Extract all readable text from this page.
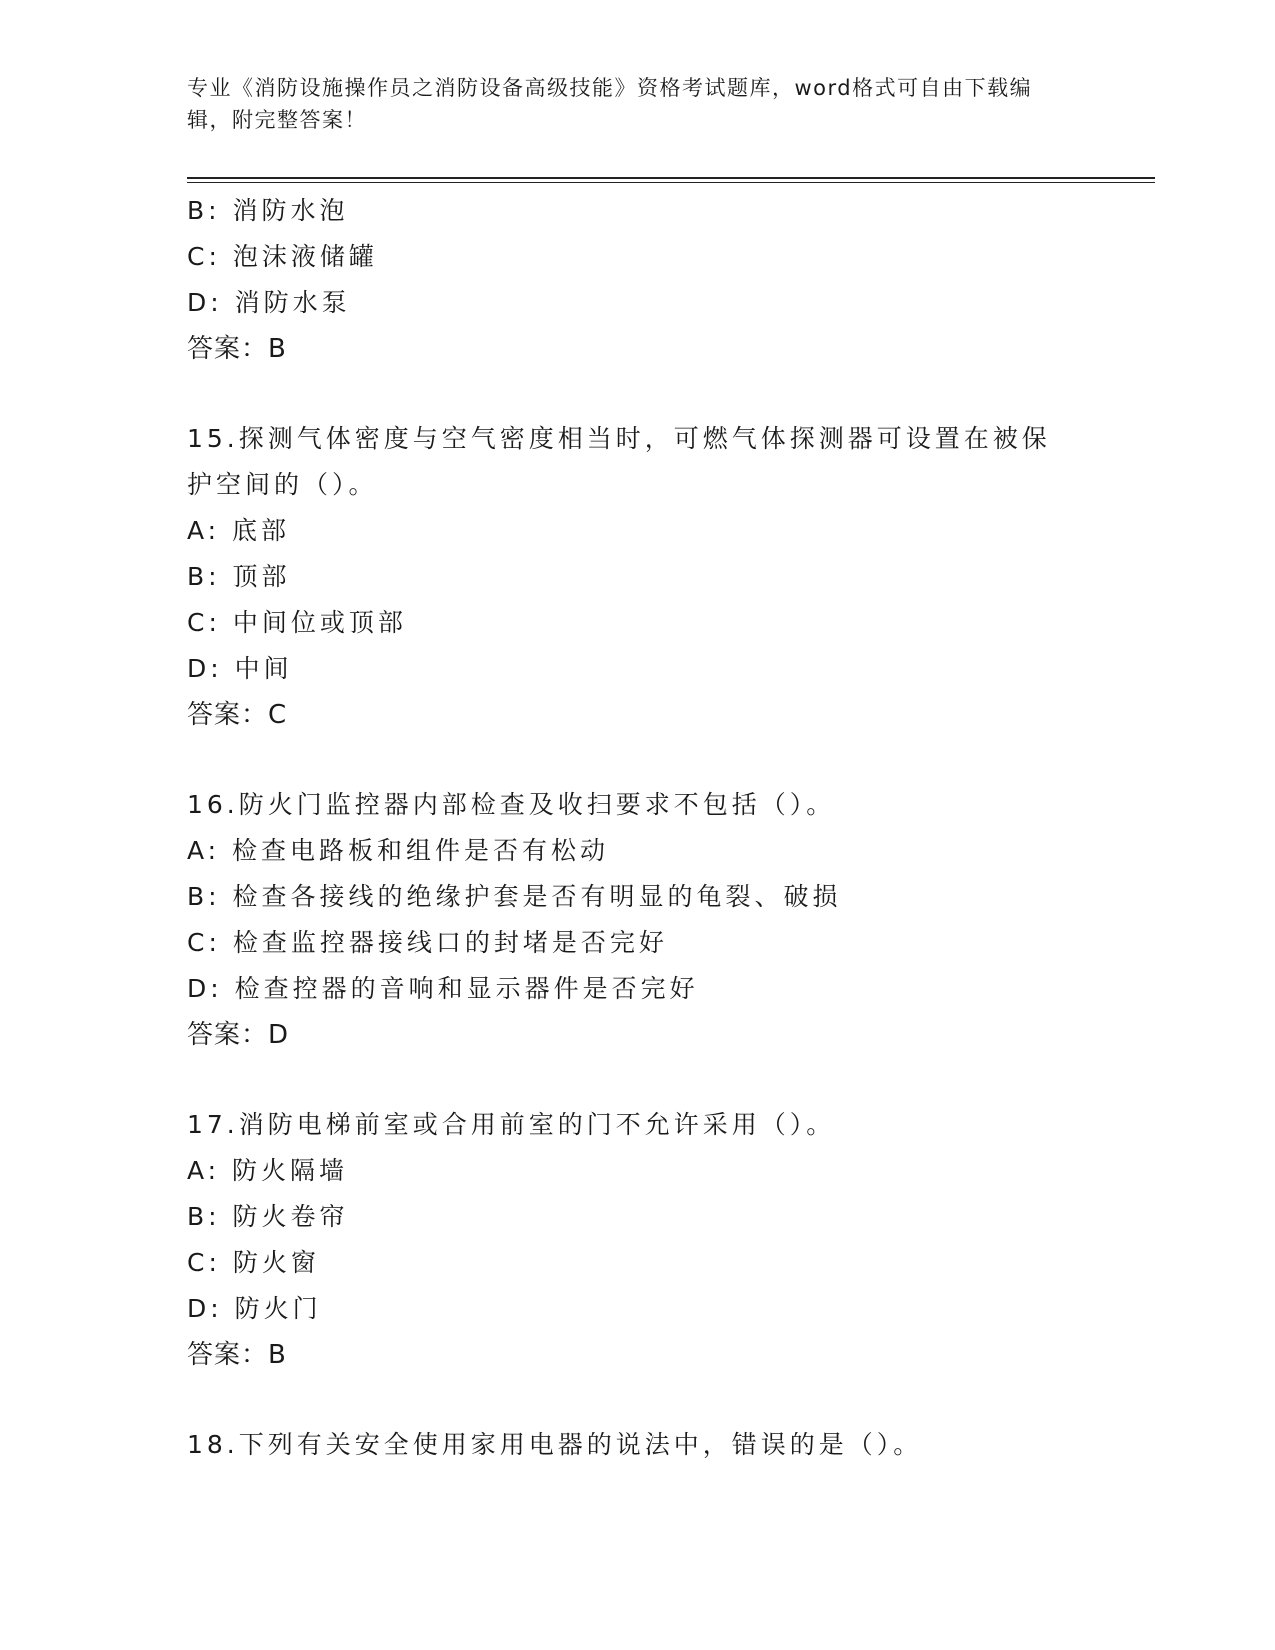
专业《消防设施操作员之消防设备高级技能》资格考试题库，word格式可自由下载编辑，附完整答案！
B: 消防水泡
C: 泡沫液储罐
D: 消防水泵
答案：B
15.探测气体密度与空气密度相当时，可燃气体探测器可设置在被保护空间的（）。
A: 底部
B: 顶部
C: 中间位或顶部
D: 中间
答案：C
16.防火门监控器内部检查及收扫要求不包括（）。
A: 检查电路板和组件是否有松动
B: 检查各接线的绝缘护套是否有明显的龟裂、破损
C: 检查监控器接线口的封堵是否完好
D: 检查控器的音响和显示器件是否完好
答案：D
17.消防电梯前室或合用前室的门不允许采用（）。
A: 防火隔墙
B: 防火卷帘
C: 防火窗
D: 防火门
答案：B
18.下列有关安全使用家用电器的说法中，错误的是（）。
